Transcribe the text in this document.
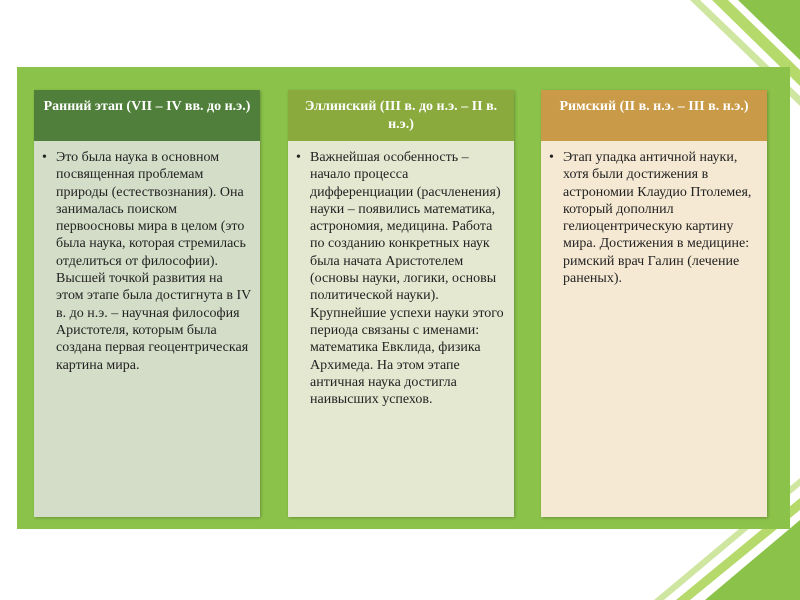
Ранний этап (VII – IV вв. до н.э.)
• Это была наука в основном посвященная проблемам природы (естествознания). Она занималась поиском первоосновы мира в целом (это была наука, которая стремилась отделиться от философии). Высшей точкой развития на этом этапе была достигнута в IV в. до н.э. – научная философия Аристотеля, которым была создана первая геоцентрическая картина мира.
Эллинский (III в. до н.э. – II в. н.э.)
• Важнейшая особенность – начало процесса дифференциации (расчленения) науки – появились математика, астрономия, медицина. Работа по созданию конкретных наук была начата Аристотелем (основы науки, логики, основы политической науки). Крупнейшие успехи науки этого периода связаны с именами: математика Евклида, физика Архимеда. На этом этапе античная наука достигла наивысших успехов.
Римский (II в. н.э. – III в. н.э.)
• Этап упадка античной науки, хотя были достижения в астрономии Клаудио Птолемея, который дополнил гелиоцентрическую картину мира. Достижения в медицине: римский врач Галин (лечение раненых).
